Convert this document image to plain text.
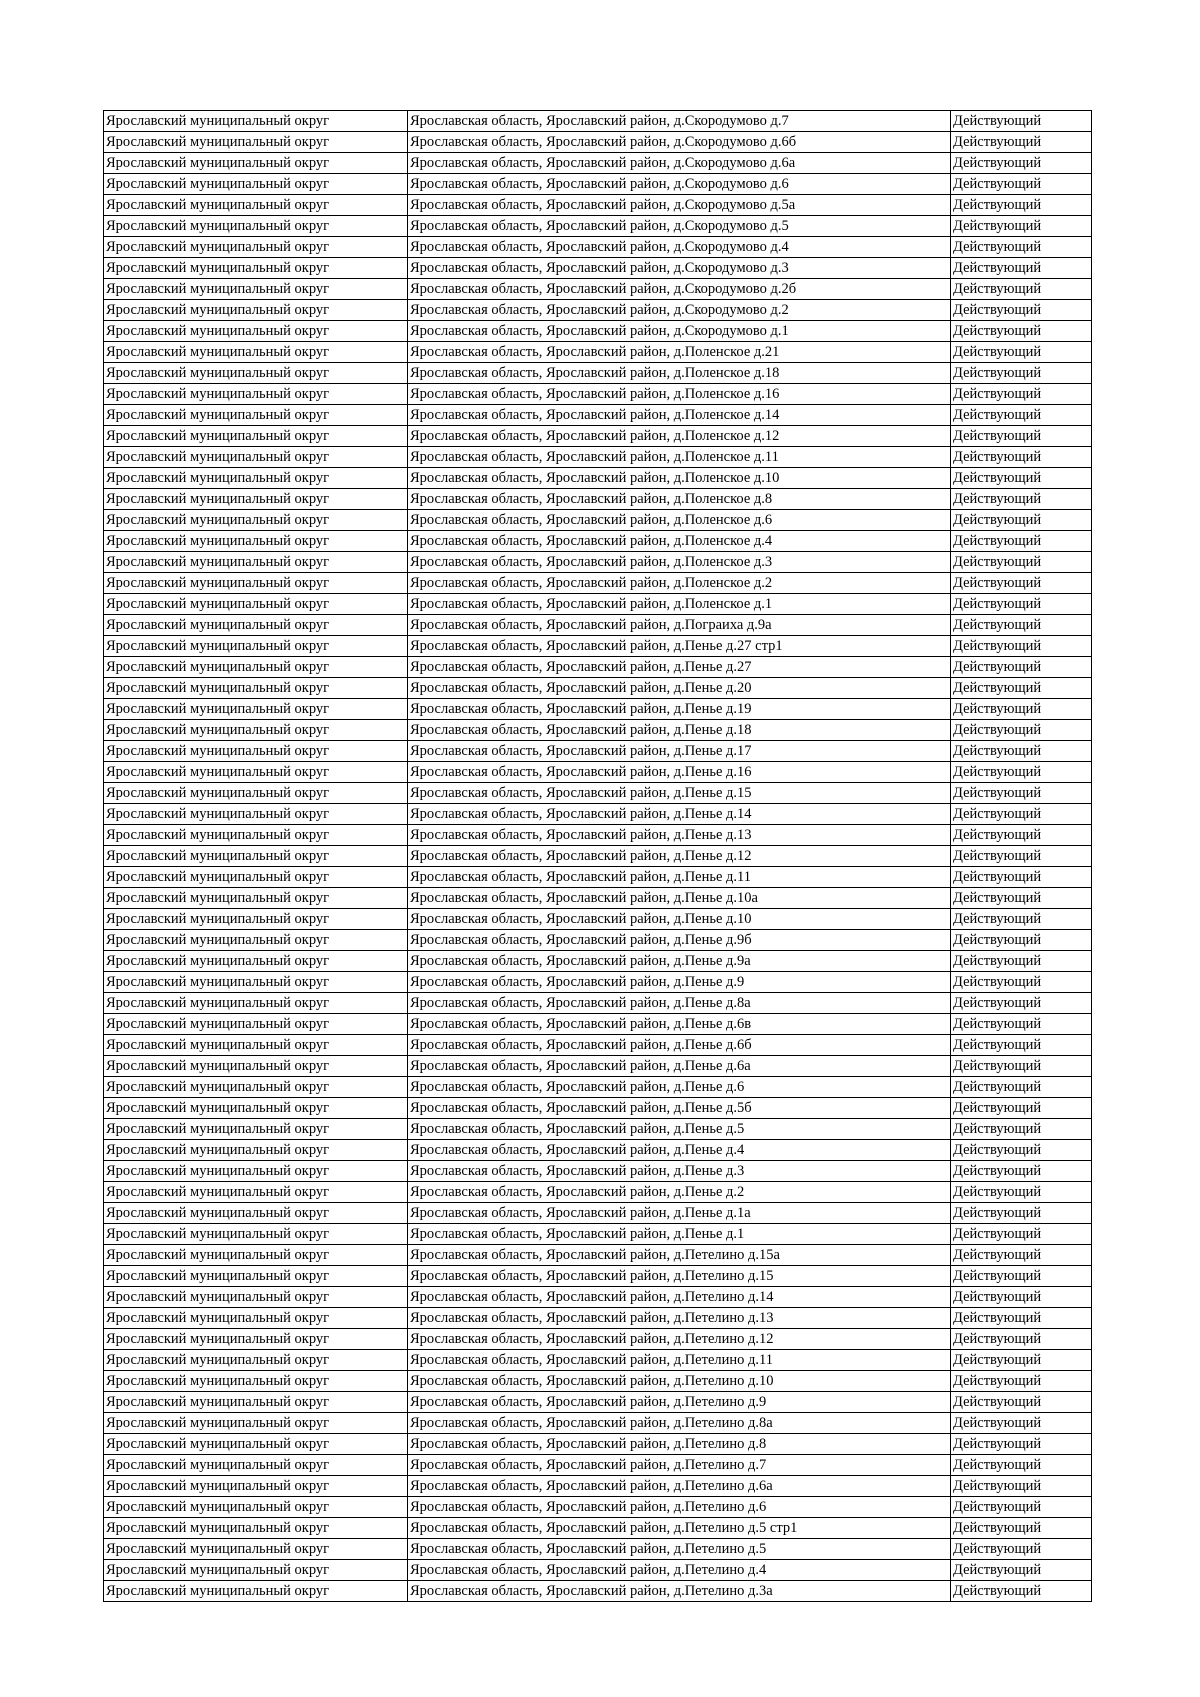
Ярославский муниципальный округ	Ярославская область, Ярославский район, д.Скородумово д.7	Действующий
Ярославский муниципальный округ	Ярославская область, Ярославский район, д.Скородумово д.6б	Действующий
Ярославский муниципальный округ	Ярославская область, Ярославский район, д.Скородумово д.6а	Действующий
Ярославский муниципальный округ	Ярославская область, Ярославский район, д.Скородумово д.6	Действующий
Ярославский муниципальный округ	Ярославская область, Ярославский район, д.Скородумово д.5а	Действующий
Ярославский муниципальный округ	Ярославская область, Ярославский район, д.Скородумово д.5	Действующий
Ярославский муниципальный округ	Ярославская область, Ярославский район, д.Скородумово д.4	Действующий
Ярославский муниципальный округ	Ярославская область, Ярославский район, д.Скородумово д.3	Действующий
Ярославский муниципальный округ	Ярославская область, Ярославский район, д.Скородумово д.2б	Действующий
Ярославский муниципальный округ	Ярославская область, Ярославский район, д.Скородумово д.2	Действующий
Ярославский муниципальный округ	Ярославская область, Ярославский район, д.Скородумово д.1	Действующий
Ярославский муниципальный округ	Ярославская область, Ярославский район, д.Поленское д.21	Действующий
Ярославский муниципальный округ	Ярославская область, Ярославский район, д.Поленское д.18	Действующий
Ярославский муниципальный округ	Ярославская область, Ярославский район, д.Поленское д.16	Действующий
Ярославский муниципальный округ	Ярославская область, Ярославский район, д.Поленское д.14	Действующий
Ярославский муниципальный округ	Ярославская область, Ярославский район, д.Поленское д.12	Действующий
Ярославский муниципальный округ	Ярославская область, Ярославский район, д.Поленское д.11	Действующий
Ярославский муниципальный округ	Ярославская область, Ярославский район, д.Поленское д.10	Действующий
Ярославский муниципальный округ	Ярославская область, Ярославский район, д.Поленское д.8	Действующий
Ярославский муниципальный округ	Ярославская область, Ярославский район, д.Поленское д.6	Действующий
Ярославский муниципальный округ	Ярославская область, Ярославский район, д.Поленское д.4	Действующий
Ярославский муниципальный округ	Ярославская область, Ярославский район, д.Поленское д.3	Действующий
Ярославский муниципальный округ	Ярославская область, Ярославский район, д.Поленское д.2	Действующий
Ярославский муниципальный округ	Ярославская область, Ярославский район, д.Поленское д.1	Действующий
Ярославский муниципальный округ	Ярославская область, Ярославский район, д.Пограиха д.9а	Действующий
Ярославский муниципальный округ	Ярославская область, Ярославский район, д.Пенье д.27 стр1	Действующий
Ярославский муниципальный округ	Ярославская область, Ярославский район, д.Пенье д.27	Действующий
Ярославский муниципальный округ	Ярославская область, Ярославский район, д.Пенье д.20	Действующий
Ярославский муниципальный округ	Ярославская область, Ярославский район, д.Пенье д.19	Действующий
Ярославский муниципальный округ	Ярославская область, Ярославский район, д.Пенье д.18	Действующий
Ярославский муниципальный округ	Ярославская область, Ярославский район, д.Пенье д.17	Действующий
Ярославский муниципальный округ	Ярославская область, Ярославский район, д.Пенье д.16	Действующий
Ярославский муниципальный округ	Ярославская область, Ярославский район, д.Пенье д.15	Действующий
Ярославский муниципальный округ	Ярославская область, Ярославский район, д.Пенье д.14	Действующий
Ярославский муниципальный округ	Ярославская область, Ярославский район, д.Пенье д.13	Действующий
Ярославский муниципальный округ	Ярославская область, Ярославский район, д.Пенье д.12	Действующий
Ярославский муниципальный округ	Ярославская область, Ярославский район, д.Пенье д.11	Действующий
Ярославский муниципальный округ	Ярославская область, Ярославский район, д.Пенье д.10а	Действующий
Ярославский муниципальный округ	Ярославская область, Ярославский район, д.Пенье д.10	Действующий
Ярославский муниципальный округ	Ярославская область, Ярославский район, д.Пенье д.9б	Действующий
Ярославский муниципальный округ	Ярославская область, Ярославский район, д.Пенье д.9а	Действующий
Ярославский муниципальный округ	Ярославская область, Ярославский район, д.Пенье д.9	Действующий
Ярославский муниципальный округ	Ярославская область, Ярославский район, д.Пенье д.8а	Действующий
Ярославский муниципальный округ	Ярославская область, Ярославский район, д.Пенье д.6в	Действующий
Ярославский муниципальный округ	Ярославская область, Ярославский район, д.Пенье д.6б	Действующий
Ярославский муниципальный округ	Ярославская область, Ярославский район, д.Пенье д.6а	Действующий
Ярославский муниципальный округ	Ярославская область, Ярославский район, д.Пенье д.6	Действующий
Ярославский муниципальный округ	Ярославская область, Ярославский район, д.Пенье д.5б	Действующий
Ярославский муниципальный округ	Ярославская область, Ярославский район, д.Пенье д.5	Действующий
Ярославский муниципальный округ	Ярославская область, Ярославский район, д.Пенье д.4	Действующий
Ярославский муниципальный округ	Ярославская область, Ярославский район, д.Пенье д.3	Действующий
Ярославский муниципальный округ	Ярославская область, Ярославский район, д.Пенье д.2	Действующий
Ярославский муниципальный округ	Ярославская область, Ярославский район, д.Пенье д.1а	Действующий
Ярославский муниципальный округ	Ярославская область, Ярославский район, д.Пенье д.1	Действующий
Ярославский муниципальный округ	Ярославская область, Ярославский район, д.Петелино д.15а	Действующий
Ярославский муниципальный округ	Ярославская область, Ярославский район, д.Петелино д.15	Действующий
Ярославский муниципальный округ	Ярославская область, Ярославский район, д.Петелино д.14	Действующий
Ярославский муниципальный округ	Ярославская область, Ярославский район, д.Петелино д.13	Действующий
Ярославский муниципальный округ	Ярославская область, Ярославский район, д.Петелино д.12	Действующий
Ярославский муниципальный округ	Ярославская область, Ярославский район, д.Петелино д.11	Действующий
Ярославский муниципальный округ	Ярославская область, Ярославский район, д.Петелино д.10	Действующий
Ярославский муниципальный округ	Ярославская область, Ярославский район, д.Петелино д.9	Действующий
Ярославский муниципальный округ	Ярославская область, Ярославский район, д.Петелино д.8а	Действующий
Ярославский муниципальный округ	Ярославская область, Ярославский район, д.Петелино д.8	Действующий
Ярославский муниципальный округ	Ярославская область, Ярославский район, д.Петелино д.7	Действующий
Ярославский муниципальный округ	Ярославская область, Ярославский район, д.Петелино д.6а	Действующий
Ярославский муниципальный округ	Ярославская область, Ярославский район, д.Петелино д.6	Действующий
Ярославский муниципальный округ	Ярославская область, Ярославский район, д.Петелино д.5 стр1	Действующий
Ярославский муниципальный округ	Ярославская область, Ярославский район, д.Петелино д.5	Действующий
Ярославский муниципальный округ	Ярославская область, Ярославский район, д.Петелино д.4	Действующий
Ярославский муниципальный округ	Ярославская область, Ярославский район, д.Петелино д.3а	Действующий
